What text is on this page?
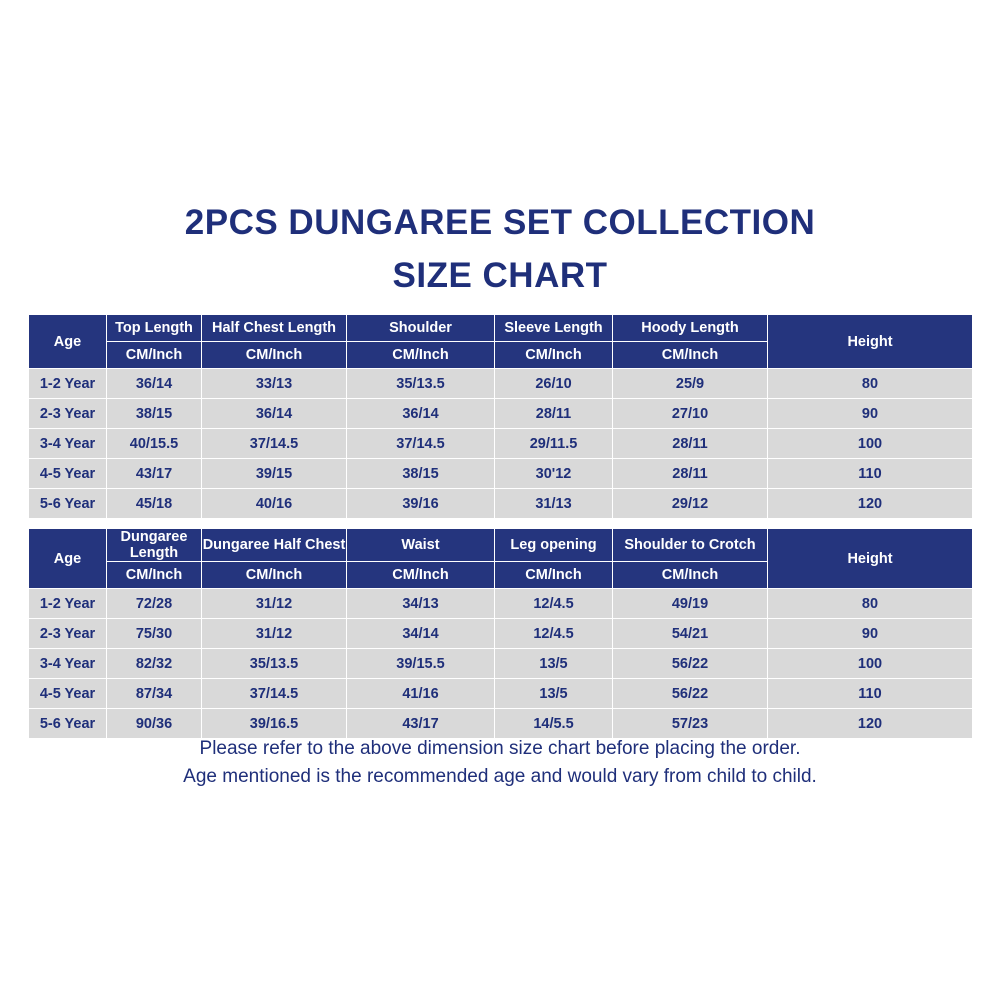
2PCS DUNGAREE SET COLLECTION
SIZE CHART
Age	Top Length	Half Chest Length	Shoulder	Sleeve Length	Hoody Length	Height
	CM/Inch	CM/Inch	CM/Inch	CM/Inch	CM/Inch	
1-2 Year	36/14	33/13	35/13.5	26/10	25/9	80
2-3 Year	38/15	36/14	36/14	28/11	27/10	90
3-4 Year	40/15.5	37/14.5	37/14.5	29/11.5	28/11	100
4-5 Year	43/17	39/15	38/15	30'12	28/11	110
5-6 Year	45/18	40/16	39/16	31/13	29/12	120
Age	Dungaree Length	Dungaree Half Chest	Waist	Leg opening	Shoulder to Crotch	Height
	CM/Inch	CM/Inch	CM/Inch	CM/Inch	CM/Inch	
1-2 Year	72/28	31/12	34/13	12/4.5	49/19	80
2-3 Year	75/30	31/12	34/14	12/4.5	54/21	90
3-4 Year	82/32	35/13.5	39/15.5	13/5	56/22	100
4-5 Year	87/34	37/14.5	41/16	13/5	56/22	110
5-6 Year	90/36	39/16.5	43/17	14/5.5	57/23	120
Please refer to the above dimension size chart before placing the order.
Age mentioned is the recommended age and would vary from child to child.
